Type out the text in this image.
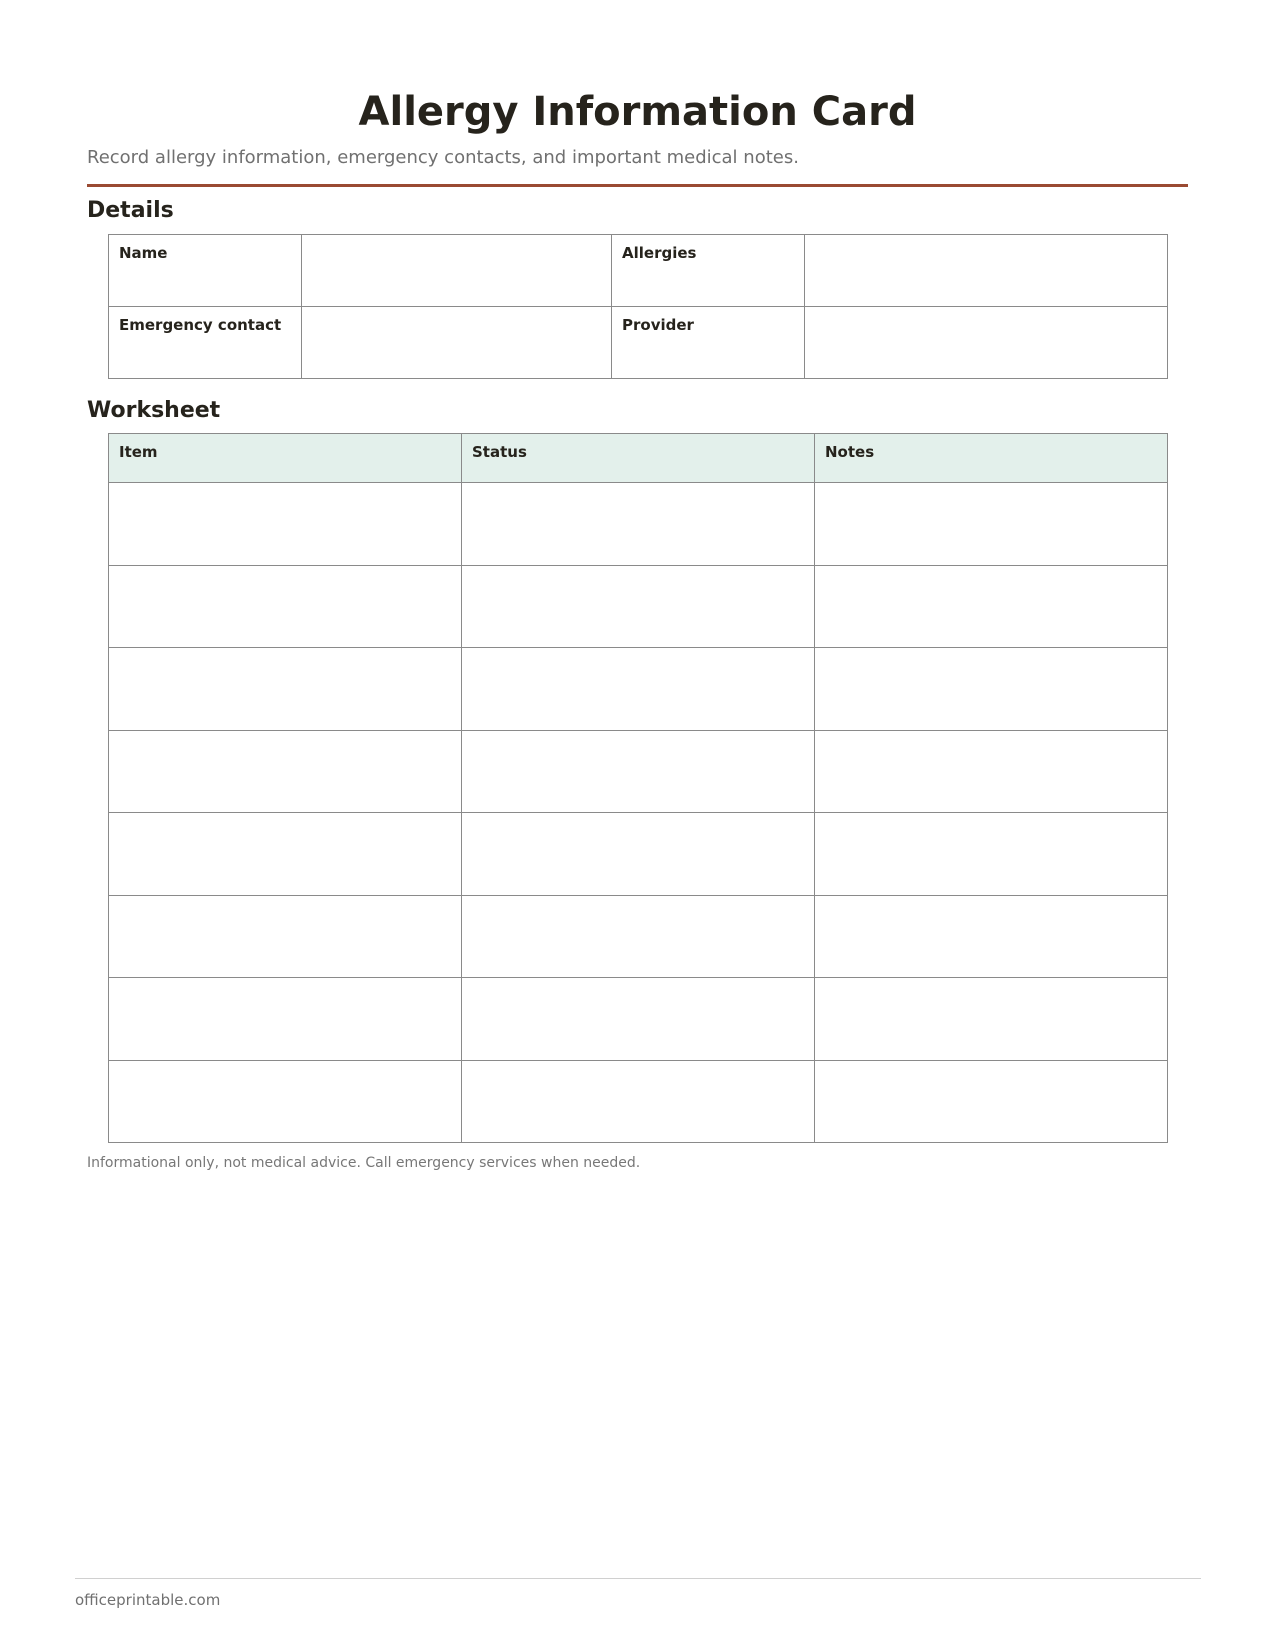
Allergy Information Card

Record allergy information, emergency contacts, and important medical notes.

Details
Name		Allergies	
Emergency contact		Provider	
Worksheet
Item	Status	Notes

Informational only, not medical advice. Call emergency services when needed.

officeprintable.com
